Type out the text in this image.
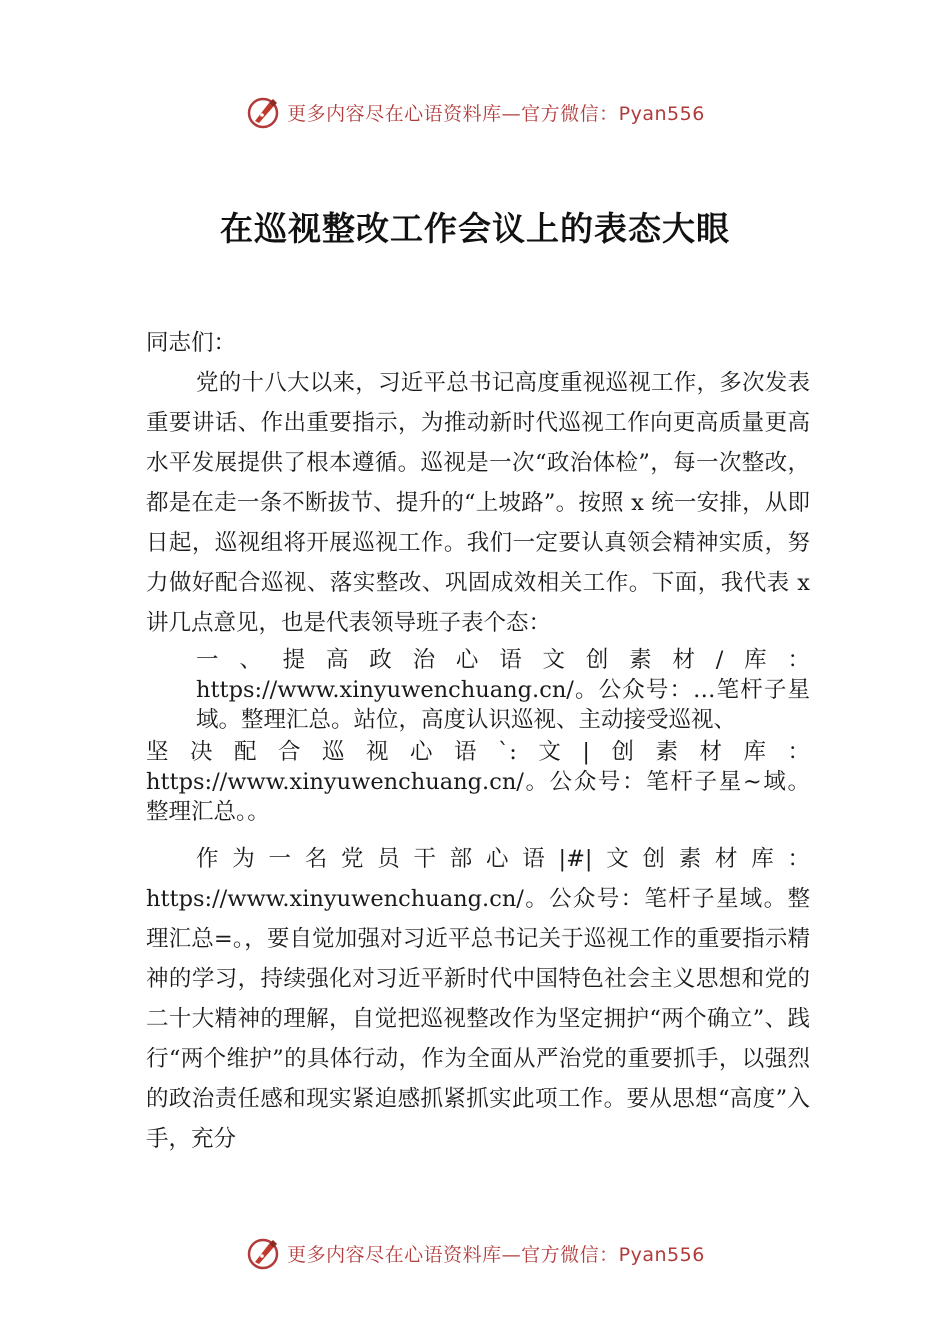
更多内容尽在心语资料库—官方微信：Pyan556
在巡视整改工作会议上的表态大眼

同志们：

党的十八大以来，习近平总书记高度重视巡视工作，多次发表重要讲话、作出重要指示，为推动新时代巡视工作向更高质量更高水平发展提供了根本遵循。巡视是一次“政治体检”，每一次整改，都是在走一条不断拔节、提升的“上坡路”。按照 x 统一安排，从即日起，巡视组将开展巡视工作。我们一定要认真领会精神实质，努力做好配合巡视、落实整改、巩固成效相关工作。下面，我代表 x 讲几点意见，也是代表领导班子表个态：

一、提高政治心语文创素材/库：https://www.xinyuwenchuang.cn/。公众号：…笔杆子星域。整理汇总。站位，高度认识巡视、主动接受巡视、

坚决配合巡视心语`:文|创素材库：https://www.xinyuwenchuang.cn/。公众号：笔杆子星~域。整理汇总。。

作为一名党员干部心语|#|文创素材库：https://www.xinyuwenchuang.cn/。公众号：笔杆子星域。整理汇总=。，要自觉加强对习近平总书记关于巡视工作的重要指示精神的学习，持续强化对习近平新时代中国特色社会主义思想和党的二十大精神的理解，自觉把巡视整改作为坚定拥护“两个确立”、践行“两个维护”的具体行动，作为全面从严治党的重要抓手，以强烈的政治责任感和现实紧迫感抓紧抓实此项工作。要从思想“高度”入手，充分

更多内容尽在心语资料库—官方微信：Pyan556
